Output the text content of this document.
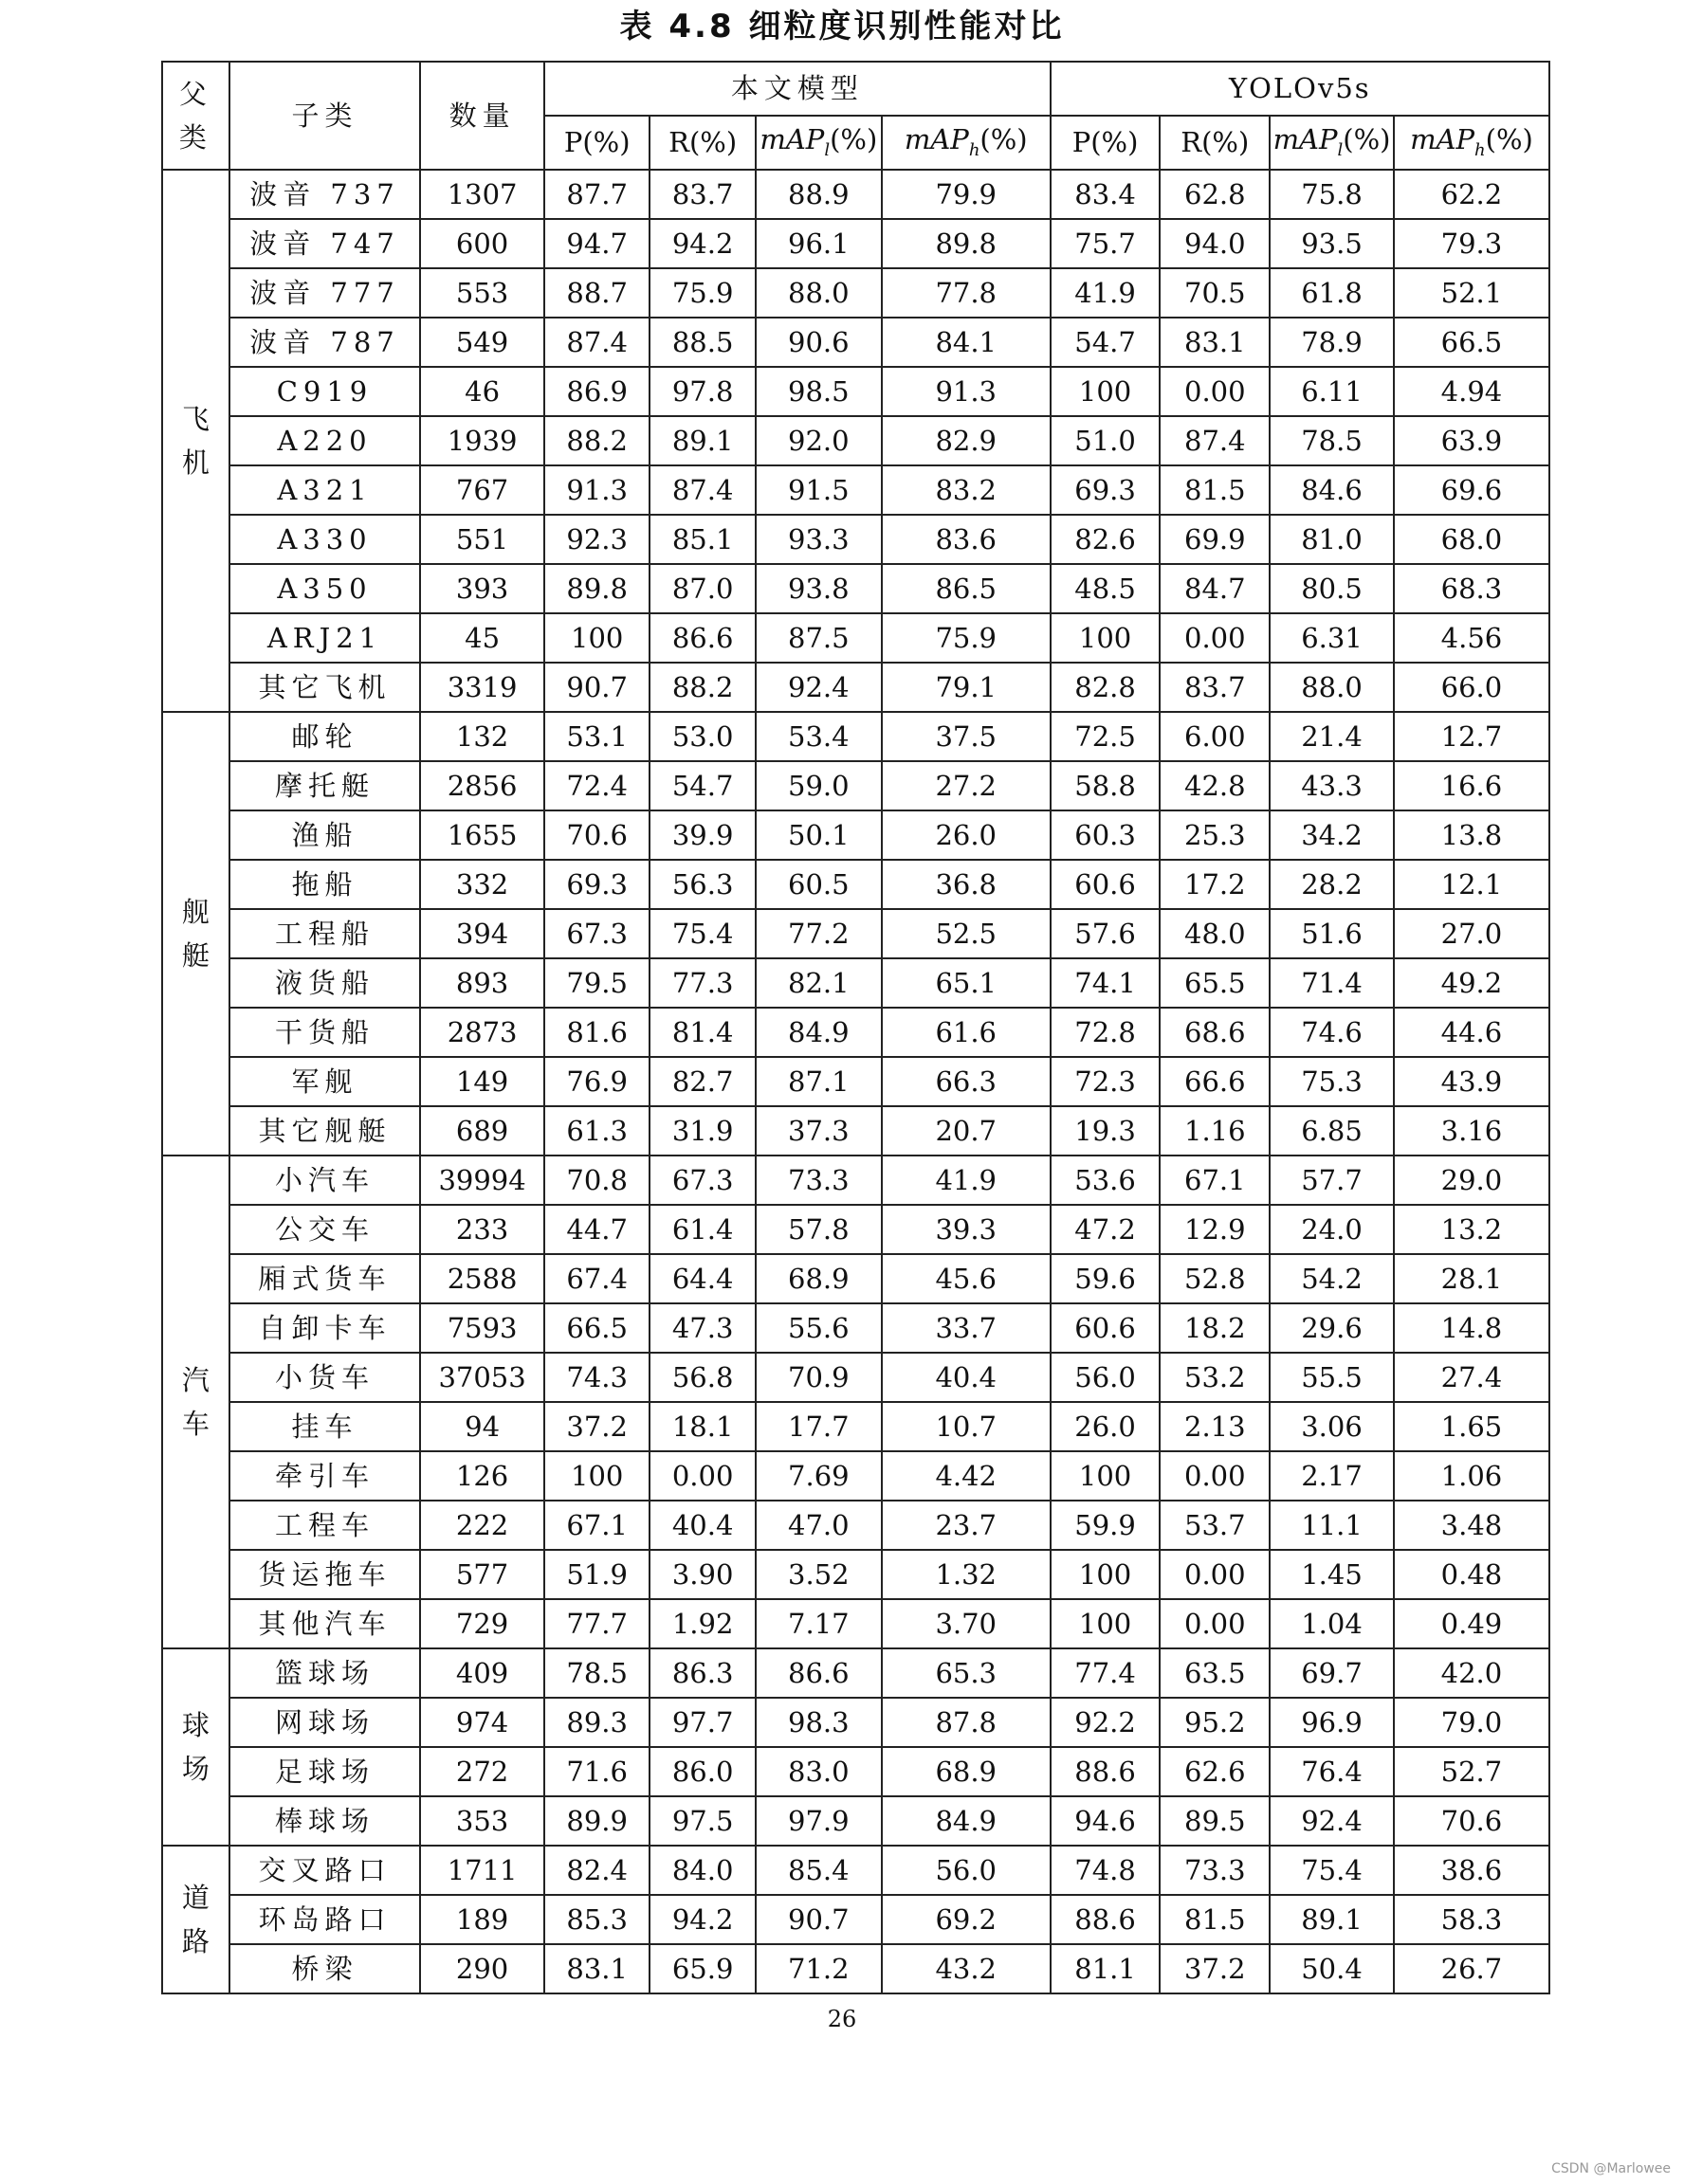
表 4.8 细粒度识别性能对比
父
类	子类	数量	本文模型				YOLOv5s			
			P(%)	R(%)	mAP$_l$(%)	mAP$_h$(%)	P(%)	R(%)	mAP$_l$(%)	mAP$_h$(%)

飞
机	波音 737	1307	87.7	83.7	88.9	79.9	83.4	62.8	75.8	62.2
	波音 747	600	94.7	94.2	96.1	89.8	75.7	94.0	93.5	79.3
	波音 777	553	88.7	75.9	88.0	77.8	41.9	70.5	61.8	52.1
	波音 787	549	87.4	88.5	90.6	84.1	54.7	83.1	78.9	66.5
	C919	46	86.9	97.8	98.5	91.3	100	0.00	6.11	4.94
	A220	1939	88.2	89.1	92.0	82.9	51.0	87.4	78.5	63.9
	A321	767	91.3	87.4	91.5	83.2	69.3	81.5	84.6	69.6
	A330	551	92.3	85.1	93.3	83.6	82.6	69.9	81.0	68.0
	A350	393	89.8	87.0	93.8	86.5	48.5	84.7	80.5	68.3
	ARJ21	45	100	86.6	87.5	75.9	100	0.00	6.31	4.56
	其它飞机	3319	90.7	88.2	92.4	79.1	82.8	83.7	88.0	66.0

舰
艇	邮轮	132	53.1	53.0	53.4	37.5	72.5	6.00	21.4	12.7
	摩托艇	2856	72.4	54.7	59.0	27.2	58.8	42.8	43.3	16.6
	渔船	1655	70.6	39.9	50.1	26.0	60.3	25.3	34.2	13.8
	拖船	332	69.3	56.3	60.5	36.8	60.6	17.2	28.2	12.1
	工程船	394	67.3	75.4	77.2	52.5	57.6	48.0	51.6	27.0
	液货船	893	79.5	77.3	82.1	65.1	74.1	65.5	71.4	49.2
	干货船	2873	81.6	81.4	84.9	61.6	72.8	68.6	74.6	44.6
	军舰	149	76.9	82.7	87.1	66.3	72.3	66.6	75.3	43.9
	其它舰艇	689	61.3	31.9	37.3	20.7	19.3	1.16	6.85	3.16

汽
车	小汽车	39994	70.8	67.3	73.3	41.9	53.6	67.1	57.7	29.0
	公交车	233	44.7	61.4	57.8	39.3	47.2	12.9	24.0	13.2
	厢式货车	2588	67.4	64.4	68.9	45.6	59.6	52.8	54.2	28.1
	自卸卡车	7593	66.5	47.3	55.6	33.7	60.6	18.2	29.6	14.8
	小货车	37053	74.3	56.8	70.9	40.4	56.0	53.2	55.5	27.4
	挂车	94	37.2	18.1	17.7	10.7	26.0	2.13	3.06	1.65
	牵引车	126	100	0.00	7.69	4.42	100	0.00	2.17	1.06
	工程车	222	67.1	40.4	47.0	23.7	59.9	53.7	11.1	3.48
	货运拖车	577	51.9	3.90	3.52	1.32	100	0.00	1.45	0.48
	其他汽车	729	77.7	1.92	7.17	3.70	100	0.00	1.04	0.49

球
场	篮球场	409	78.5	86.3	86.6	65.3	77.4	63.5	69.7	42.0
	网球场	974	89.3	97.7	98.3	87.8	92.2	95.2	96.9	79.0
	足球场	272	71.6	86.0	83.0	68.9	88.6	62.6	76.4	52.7
	棒球场	353	89.9	97.5	97.9	84.9	94.6	89.5	92.4	70.6

道
路	交叉路口	1711	82.4	84.0	85.4	56.0	74.8	73.3	75.4	38.6
	环岛路口	189	85.3	94.2	90.7	69.2	88.6	81.5	89.1	58.3
	桥梁	290	83.1	65.9	71.2	43.2	81.1	37.2	50.4	26.7
26
CSDN @Marlowee
